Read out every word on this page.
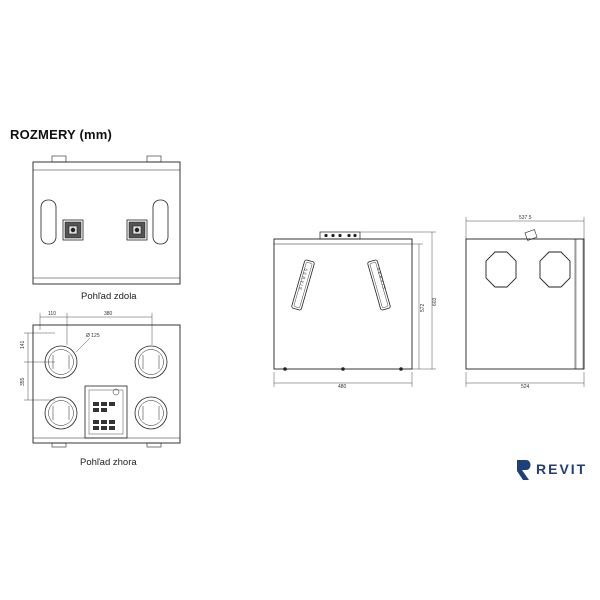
ROZMERY (mm)
110	380
141
355
Ø 125
480
572
603
537.5
524
SERVIS	SERVIS
Pohľad zdola
Pohľad zhora	REVIT
